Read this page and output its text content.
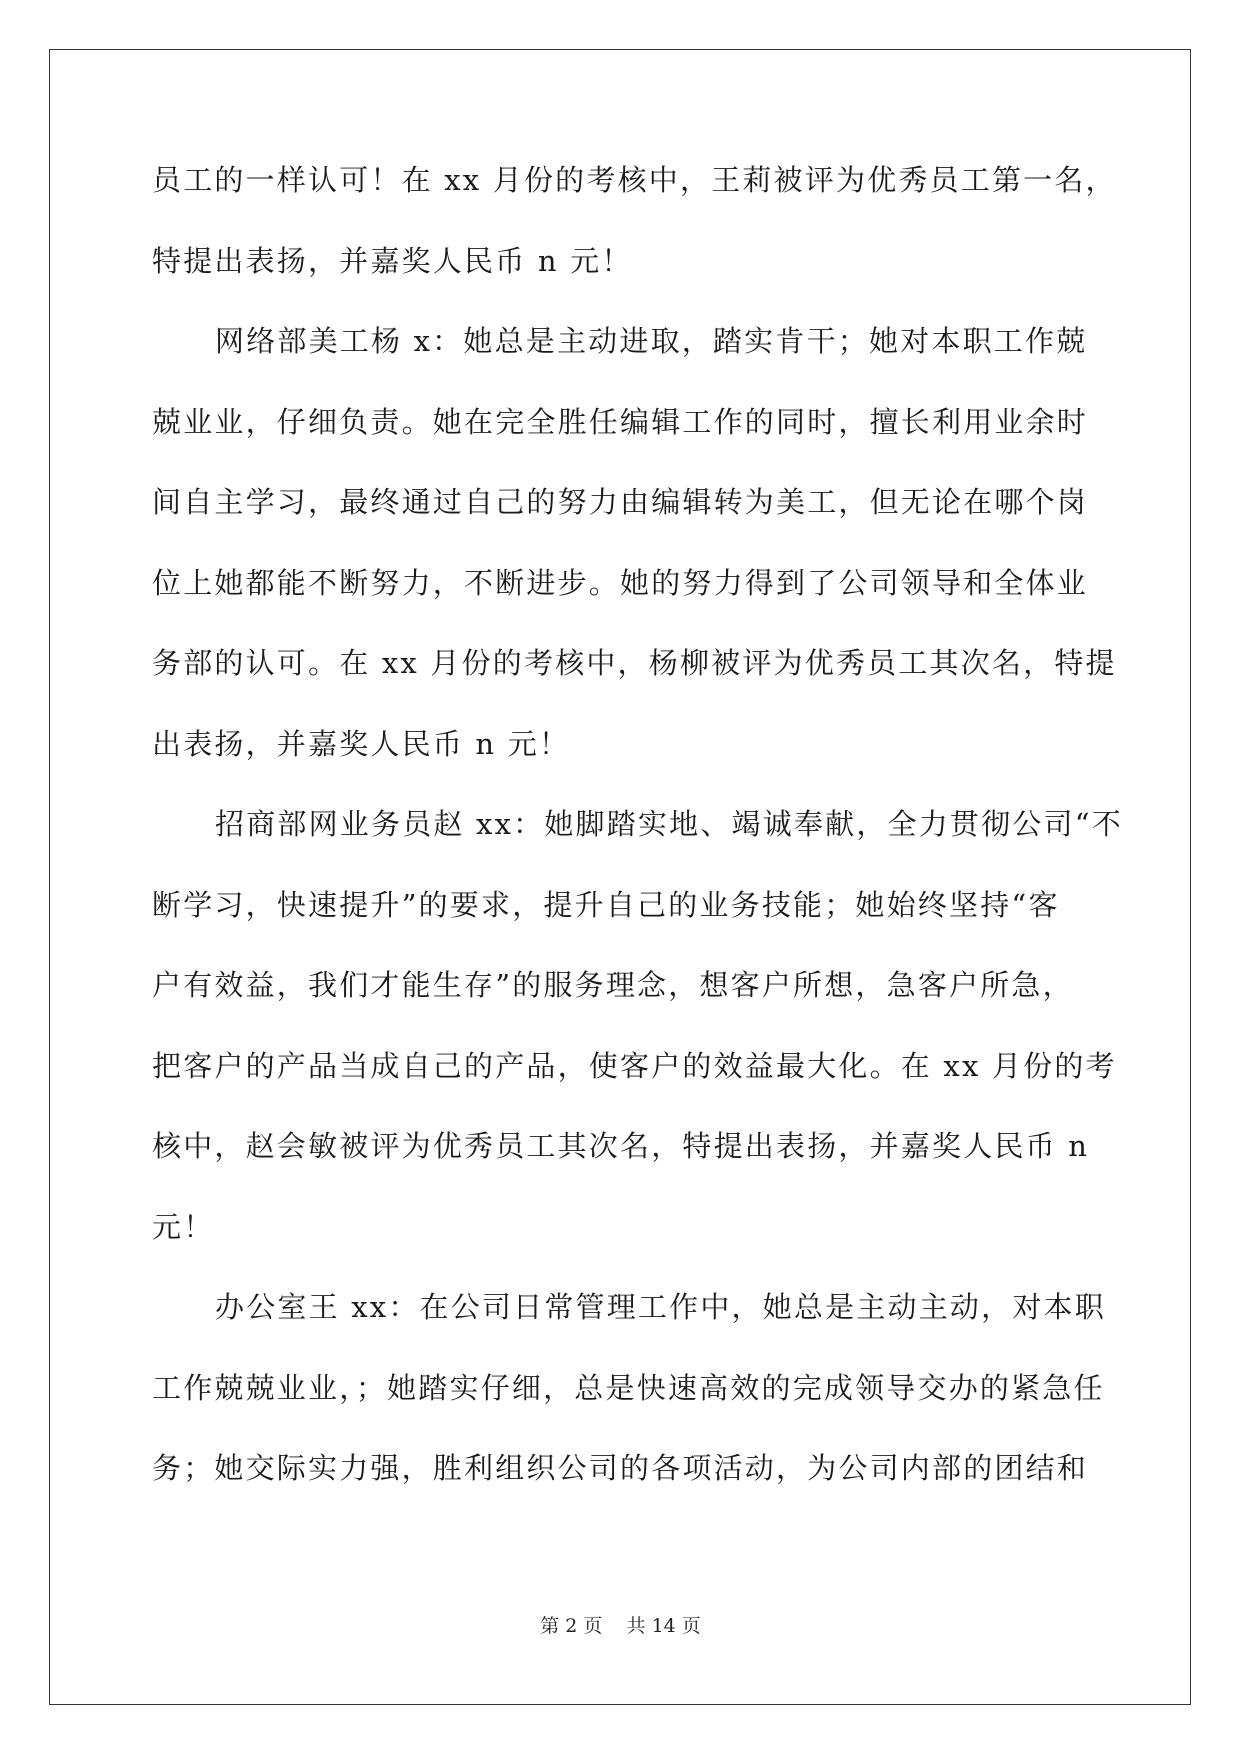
员工的一样认可！在 xx 月份的考核中，王莉被评为优秀员工第一名，
特提出表扬，并嘉奖人民币 n 元！
网络部美工杨 x：她总是主动进取，踏实肯干；她对本职工作兢
兢业业，仔细负责。她在完全胜任编辑工作的同时，擅长利用业余时
间自主学习，最终通过自己的努力由编辑转为美工，但无论在哪个岗
位上她都能不断努力，不断进步。她的努力得到了公司领导和全体业
务部的认可。在 xx 月份的考核中，杨柳被评为优秀员工其次名，特提
出表扬，并嘉奖人民币 n 元！
招商部网业务员赵 xx：她脚踏实地、竭诚奉献，全力贯彻公司“不
断学习，快速提升”的要求，提升自己的业务技能；她始终坚持“客
户有效益，我们才能生存”的服务理念，想客户所想，急客户所急，
把客户的产品当成自己的产品，使客户的效益最大化。在 xx 月份的考
核中，赵会敏被评为优秀员工其次名，特提出表扬，并嘉奖人民币 n
元！
办公室王 xx：在公司日常管理工作中，她总是主动主动，对本职
工作兢兢业业，；她踏实仔细，总是快速高效的完成领导交办的紧急任
务；她交际实力强，胜利组织公司的各项活动，为公司内部的团结和
第 2 页    共 14 页
